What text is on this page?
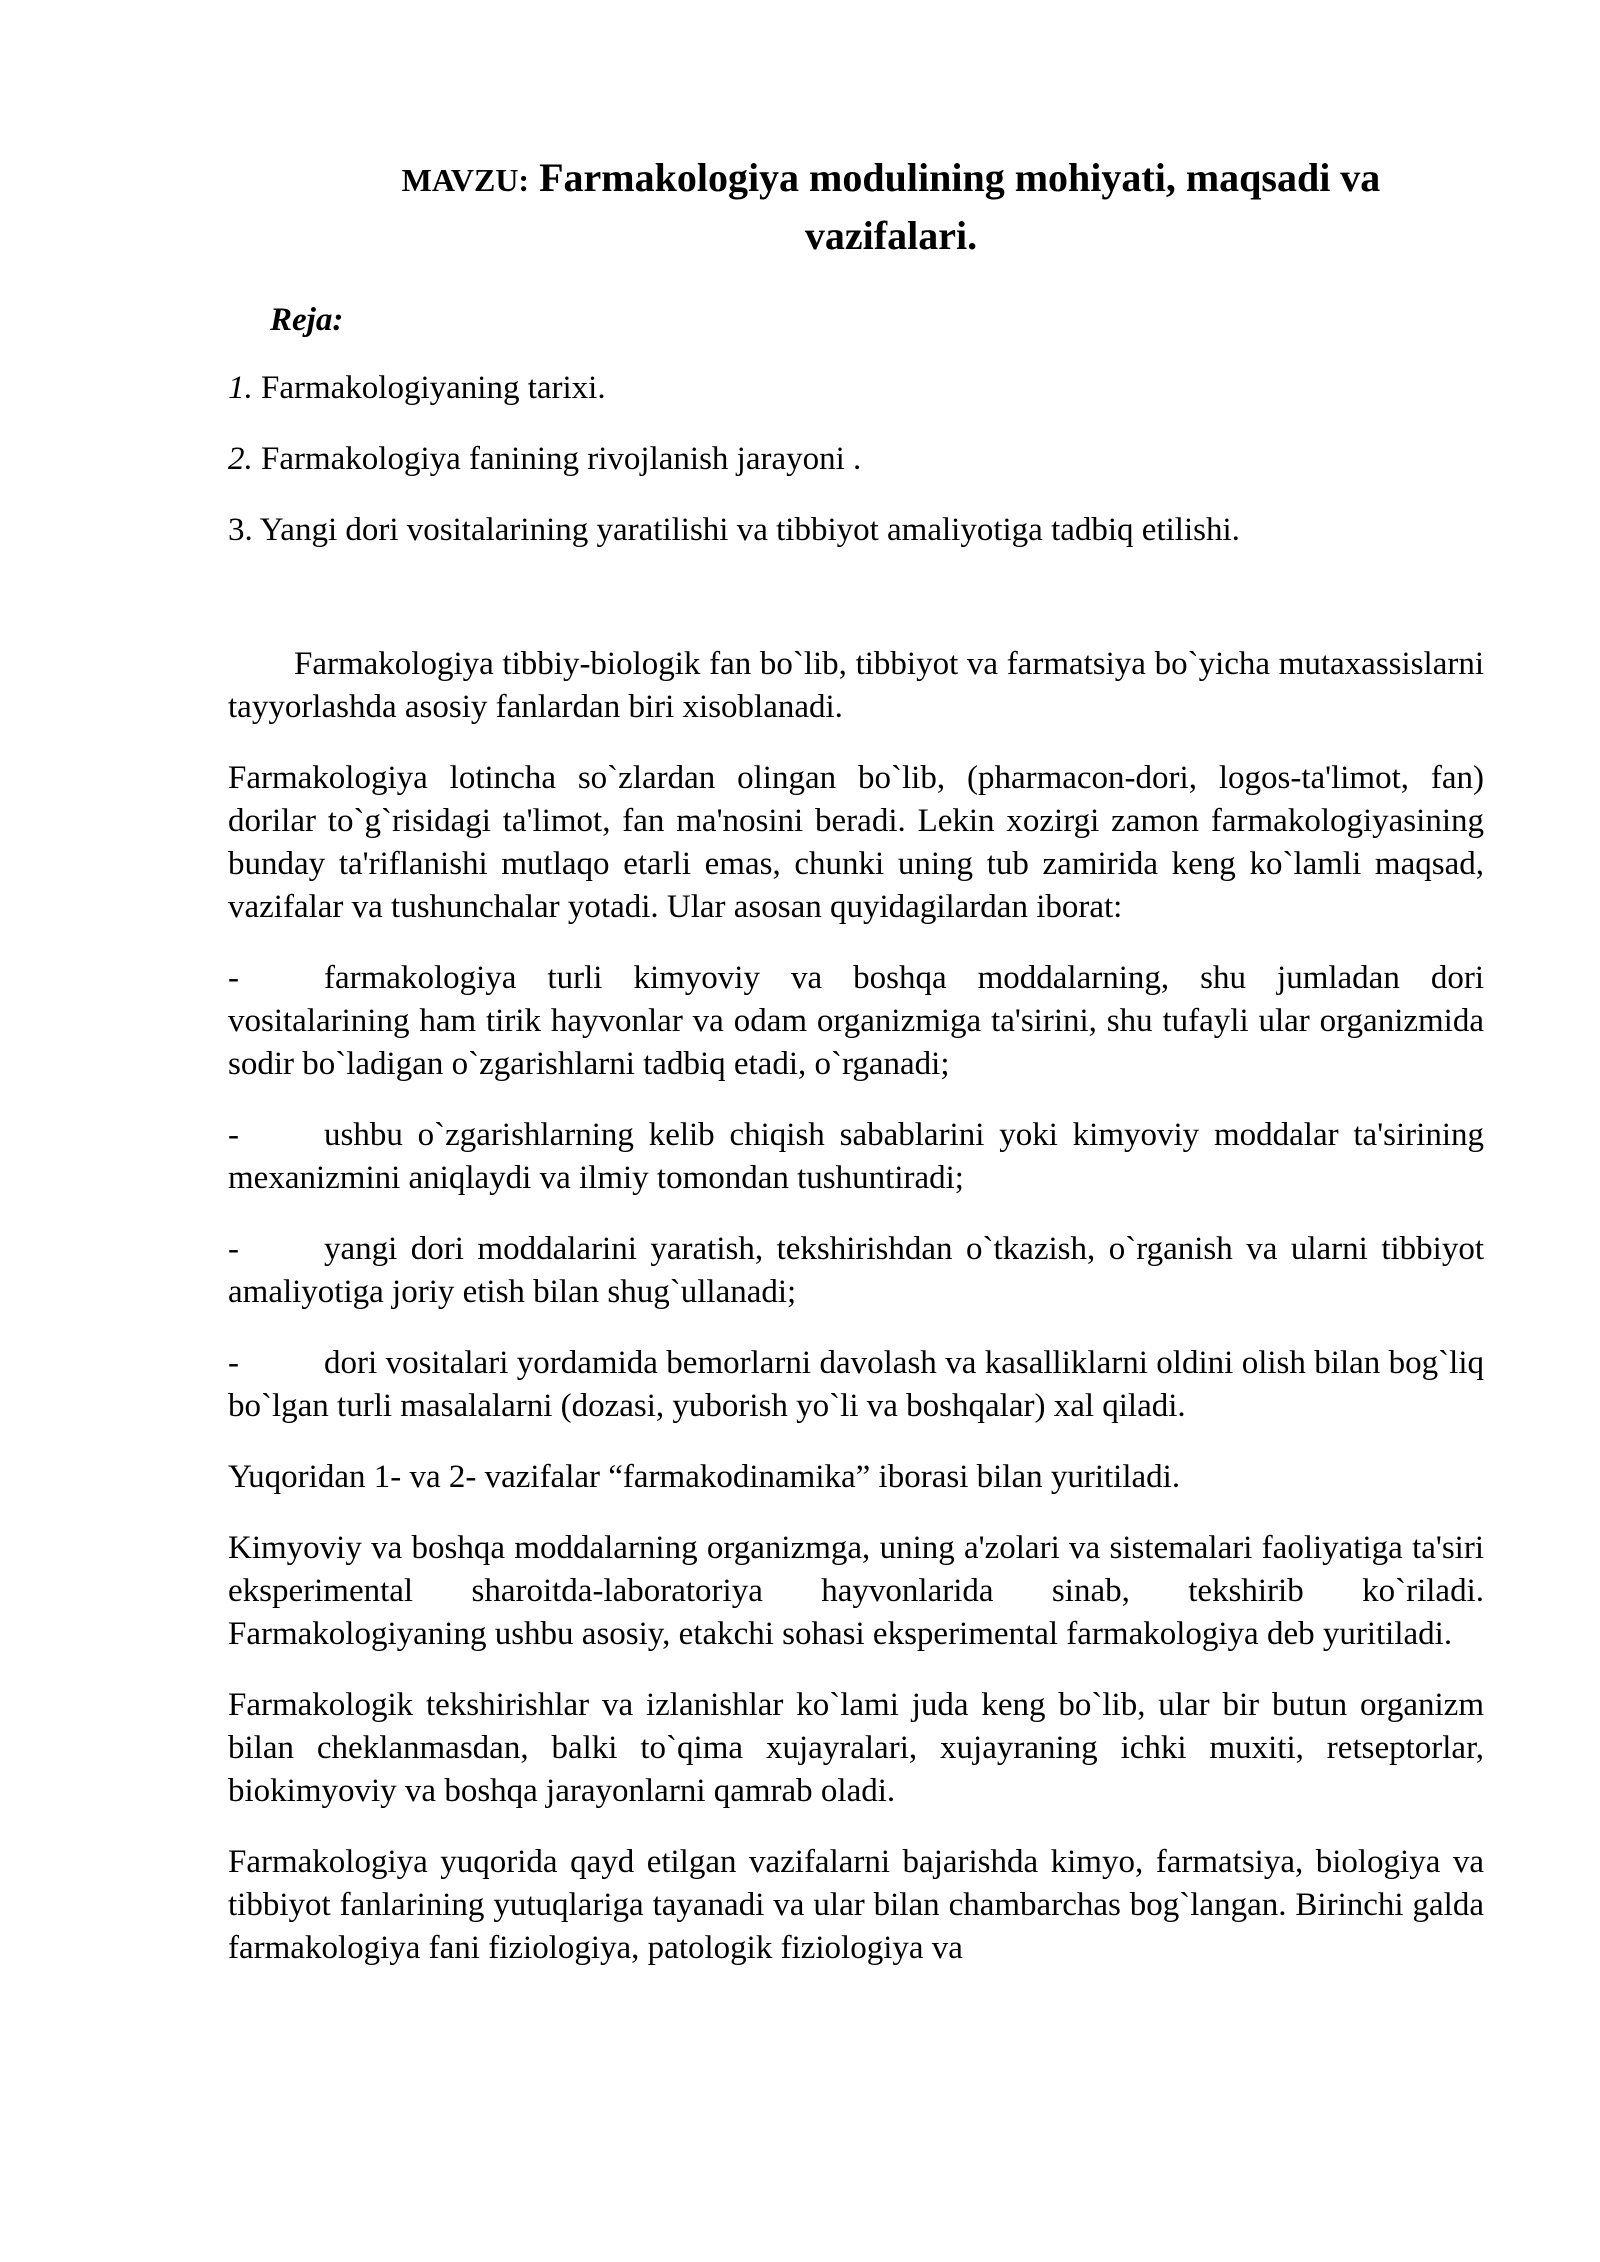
MAVZU: Farmakologiya modulining mohiyati, maqsadi va vazifalari.
Reja:
1. Farmakologiyaning tarixi.
2. Farmakologiya fanining rivojlanish jarayoni .
3. Yangi dori vositalarining yaratilishi va tibbiyot amaliyotiga tadbiq etilishi.

Farmakologiya tibbiy-biologik fan bo`lib, tibbiyot va farmatsiya bo`yicha mutaxassislarni tayyorlashda asosiy fanlardan biri xisoblanadi.

Farmakologiya lotincha so`zlardan olingan bo`lib, (pharmacon-dori, logos-ta'limot, fan) dorilar to`g`risidagi ta'limot, fan ma'nosini beradi. Lekin xozirgi zamon farmakologiyasining bunday ta'riflanishi mutlaqo etarli emas, chunki uning tub zamirida keng ko`lamli maqsad, vazifalar va tushunchalar yotadi. Ular asosan quyidagilardan iborat:

-	farmakologiya turli kimyoviy va boshqa moddalarning, shu jumladan dori vositalarining ham tirik hayvonlar va odam organizmiga ta'sirini, shu tufayli ular organizmida sodir bo`ladigan o`zgarishlarni tadbiq etadi, o`rganadi;

-	ushbu o`zgarishlarning kelib chiqish sabablarini yoki kimyoviy moddalar ta'sirining mexanizmini aniqlaydi va ilmiy tomondan tushuntiradi;

-	yangi dori moddalarini yaratish, tekshirishdan o`tkazish, o`rganish va ularni tibbiyot amaliyotiga joriy etish bilan shug`ullanadi;

-	dori vositalari yordamida bemorlarni davolash va kasalliklarni oldini olish bilan bog`liq bo`lgan turli masalalarni (dozasi, yuborish yo`li va boshqalar) xal qiladi.

Yuqoridan 1- va 2- vazifalar “farmakodinamika” iborasi bilan yuritiladi.

Kimyoviy va boshqa moddalarning organizmga, uning a'zolari va sistemalari faoliyatiga ta'siri eksperimental sharoitda-laboratoriya hayvonlarida sinab, tekshirib ko`riladi. Farmakologiyaning ushbu asosiy, etakchi sohasi eksperimental farmakologiya deb yuritiladi.

Farmakologik tekshirishlar va izlanishlar ko`lami juda keng bo`lib, ular bir butun organizm bilan cheklanmasdan, balki to`qima xujayralari, xujayraning ichki muxiti, retseptorlar, biokimyoviy va boshqa jarayonlarni qamrab oladi.

Farmakologiya yuqorida qayd etilgan vazifalarni bajarishda kimyo, farmatsiya, biologiya va tibbiyot fanlarining yutuqlariga tayanadi va ular bilan chambarchas bog`langan. Birinchi galda farmakologiya fani fiziologiya, patologik fiziologiya va
